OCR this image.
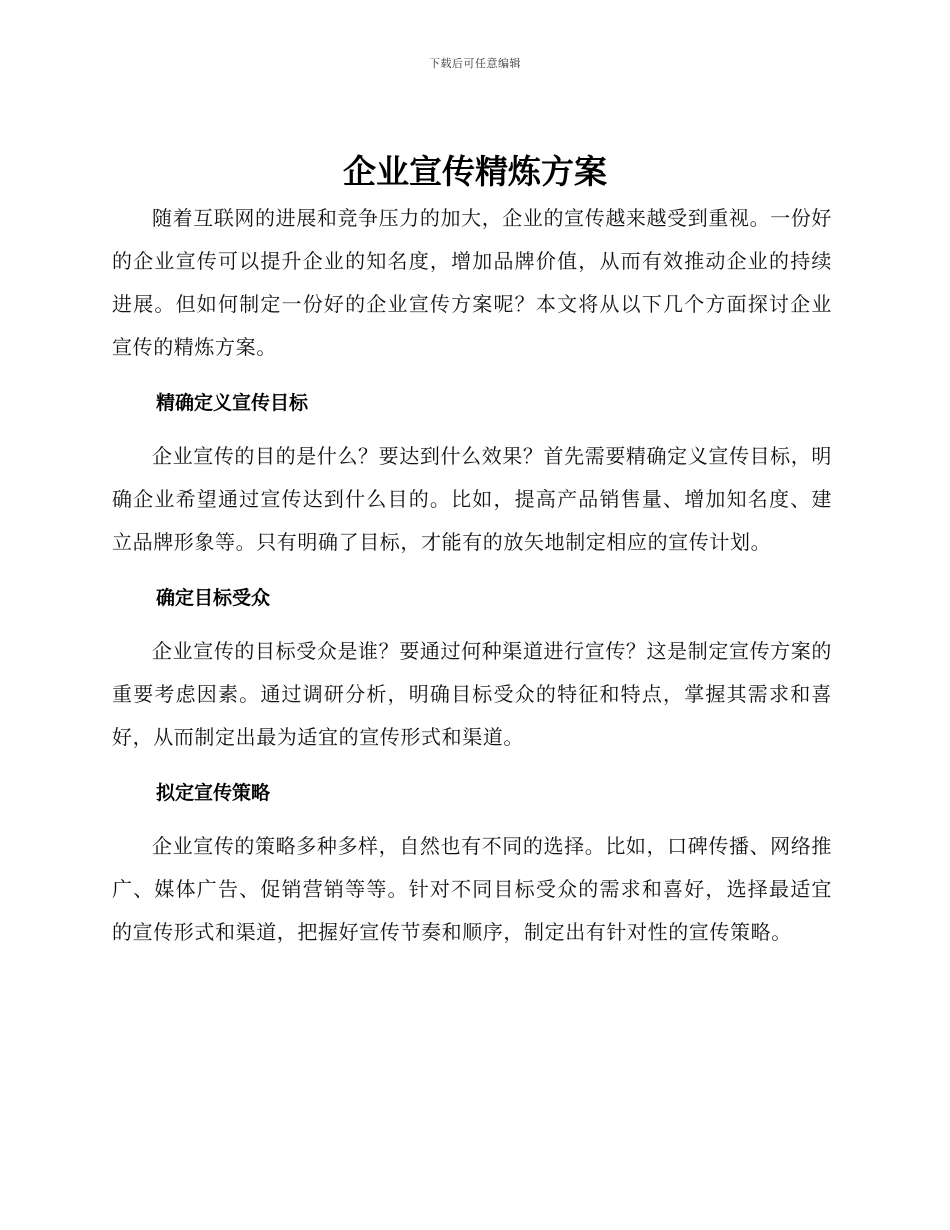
下载后可任意编辑
企业宣传精炼方案

随着互联网的进展和竞争压力的加大，企业的宣传越来越受到重视。一份好的企业宣传可以提升企业的知名度，增加品牌价值，从而有效推动企业的持续进展。但如何制定一份好的企业宣传方案呢？本文将从以下几个方面探讨企业宣传的精炼方案。

精确定义宣传目标

企业宣传的目的是什么？要达到什么效果？首先需要精确定义宣传目标，明确企业希望通过宣传达到什么目的。比如，提高产品销售量、增加知名度、建立品牌形象等。只有明确了目标，才能有的放矢地制定相应的宣传计划。

确定目标受众

企业宣传的目标受众是谁？要通过何种渠道进行宣传？这是制定宣传方案的重要考虑因素。通过调研分析，明确目标受众的特征和特点，掌握其需求和喜好，从而制定出最为适宜的宣传形式和渠道。

拟定宣传策略

企业宣传的策略多种多样，自然也有不同的选择。比如，口碑传播、网络推广、媒体广告、促销营销等等。针对不同目标受众的需求和喜好，选择最适宜的宣传形式和渠道，把握好宣传节奏和顺序，制定出有针对性的宣传策略。
